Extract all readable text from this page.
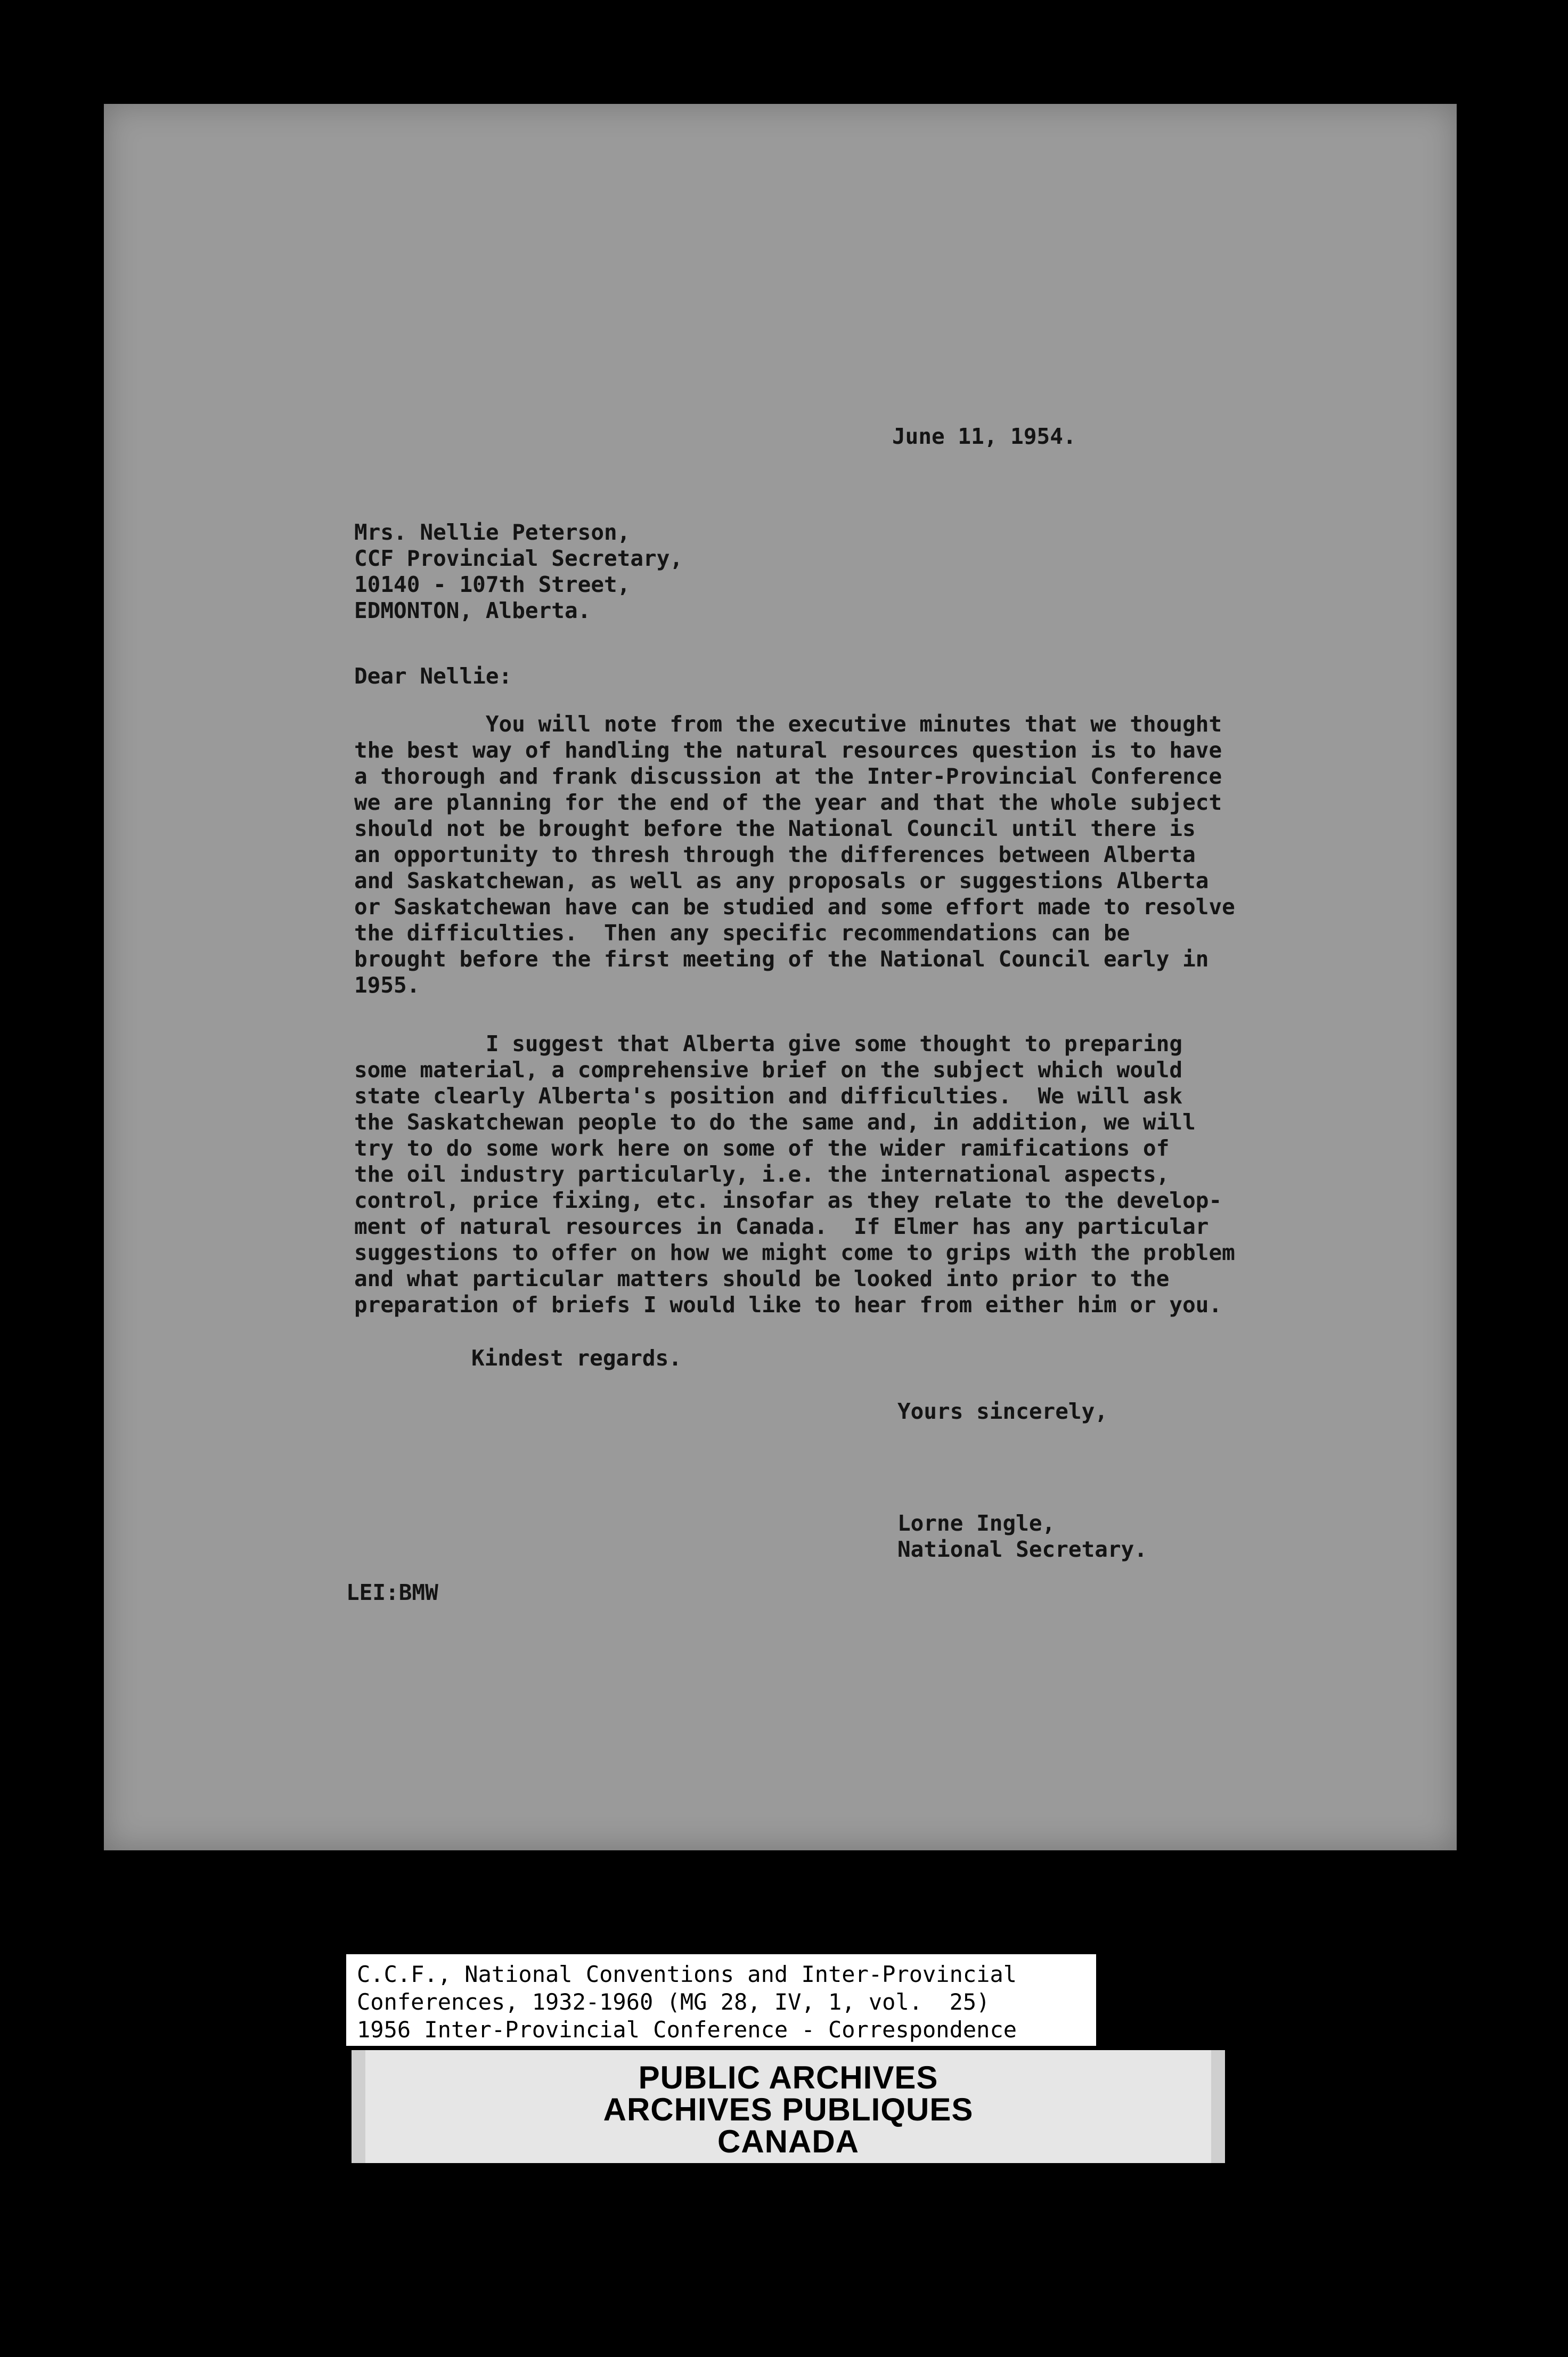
June 11, 1954.
Mrs. Nellie Peterson,
CCF Provincial Secretary,
10140 - 107th Street,
EDMONTON, Alberta.
Dear Nellie:
You will note from the executive minutes that we thought
the best way of handling the natural resources question is to have
a thorough and frank discussion at the Inter-Provincial Conference
we are planning for the end of the year and that the whole subject
should not be brought before the National Council until there is
an opportunity to thresh through the differences between Alberta
and Saskatchewan, as well as any proposals or suggestions Alberta
or Saskatchewan have can be studied and some effort made to resolve
the difficulties.  Then any specific recommendations can be
brought before the first meeting of the National Council early in
1955.
I suggest that Alberta give some thought to preparing
some material, a comprehensive brief on the subject which would
state clearly Alberta's position and difficulties.  We will ask
the Saskatchewan people to do the same and, in addition, we will
try to do some work here on some of the wider ramifications of
the oil industry particularly, i.e. the international aspects,
control, price fixing, etc. insofar as they relate to the develop-
ment of natural resources in Canada.  If Elmer has any particular
suggestions to offer on how we might come to grips with the problem
and what particular matters should be looked into prior to the
preparation of briefs I would like to hear from either him or you.
Kindest regards.
Yours sincerely,
Lorne Ingle,
National Secretary.
LEI:BMW
C.C.F., National Conventions and Inter-Provincial
Conferences, 1932-1960 (MG 28, IV, 1, vol.  25)
1956 Inter-Provincial Conference - Correspondence
PUBLIC ARCHIVES
ARCHIVES PUBLIQUES
CANADA
